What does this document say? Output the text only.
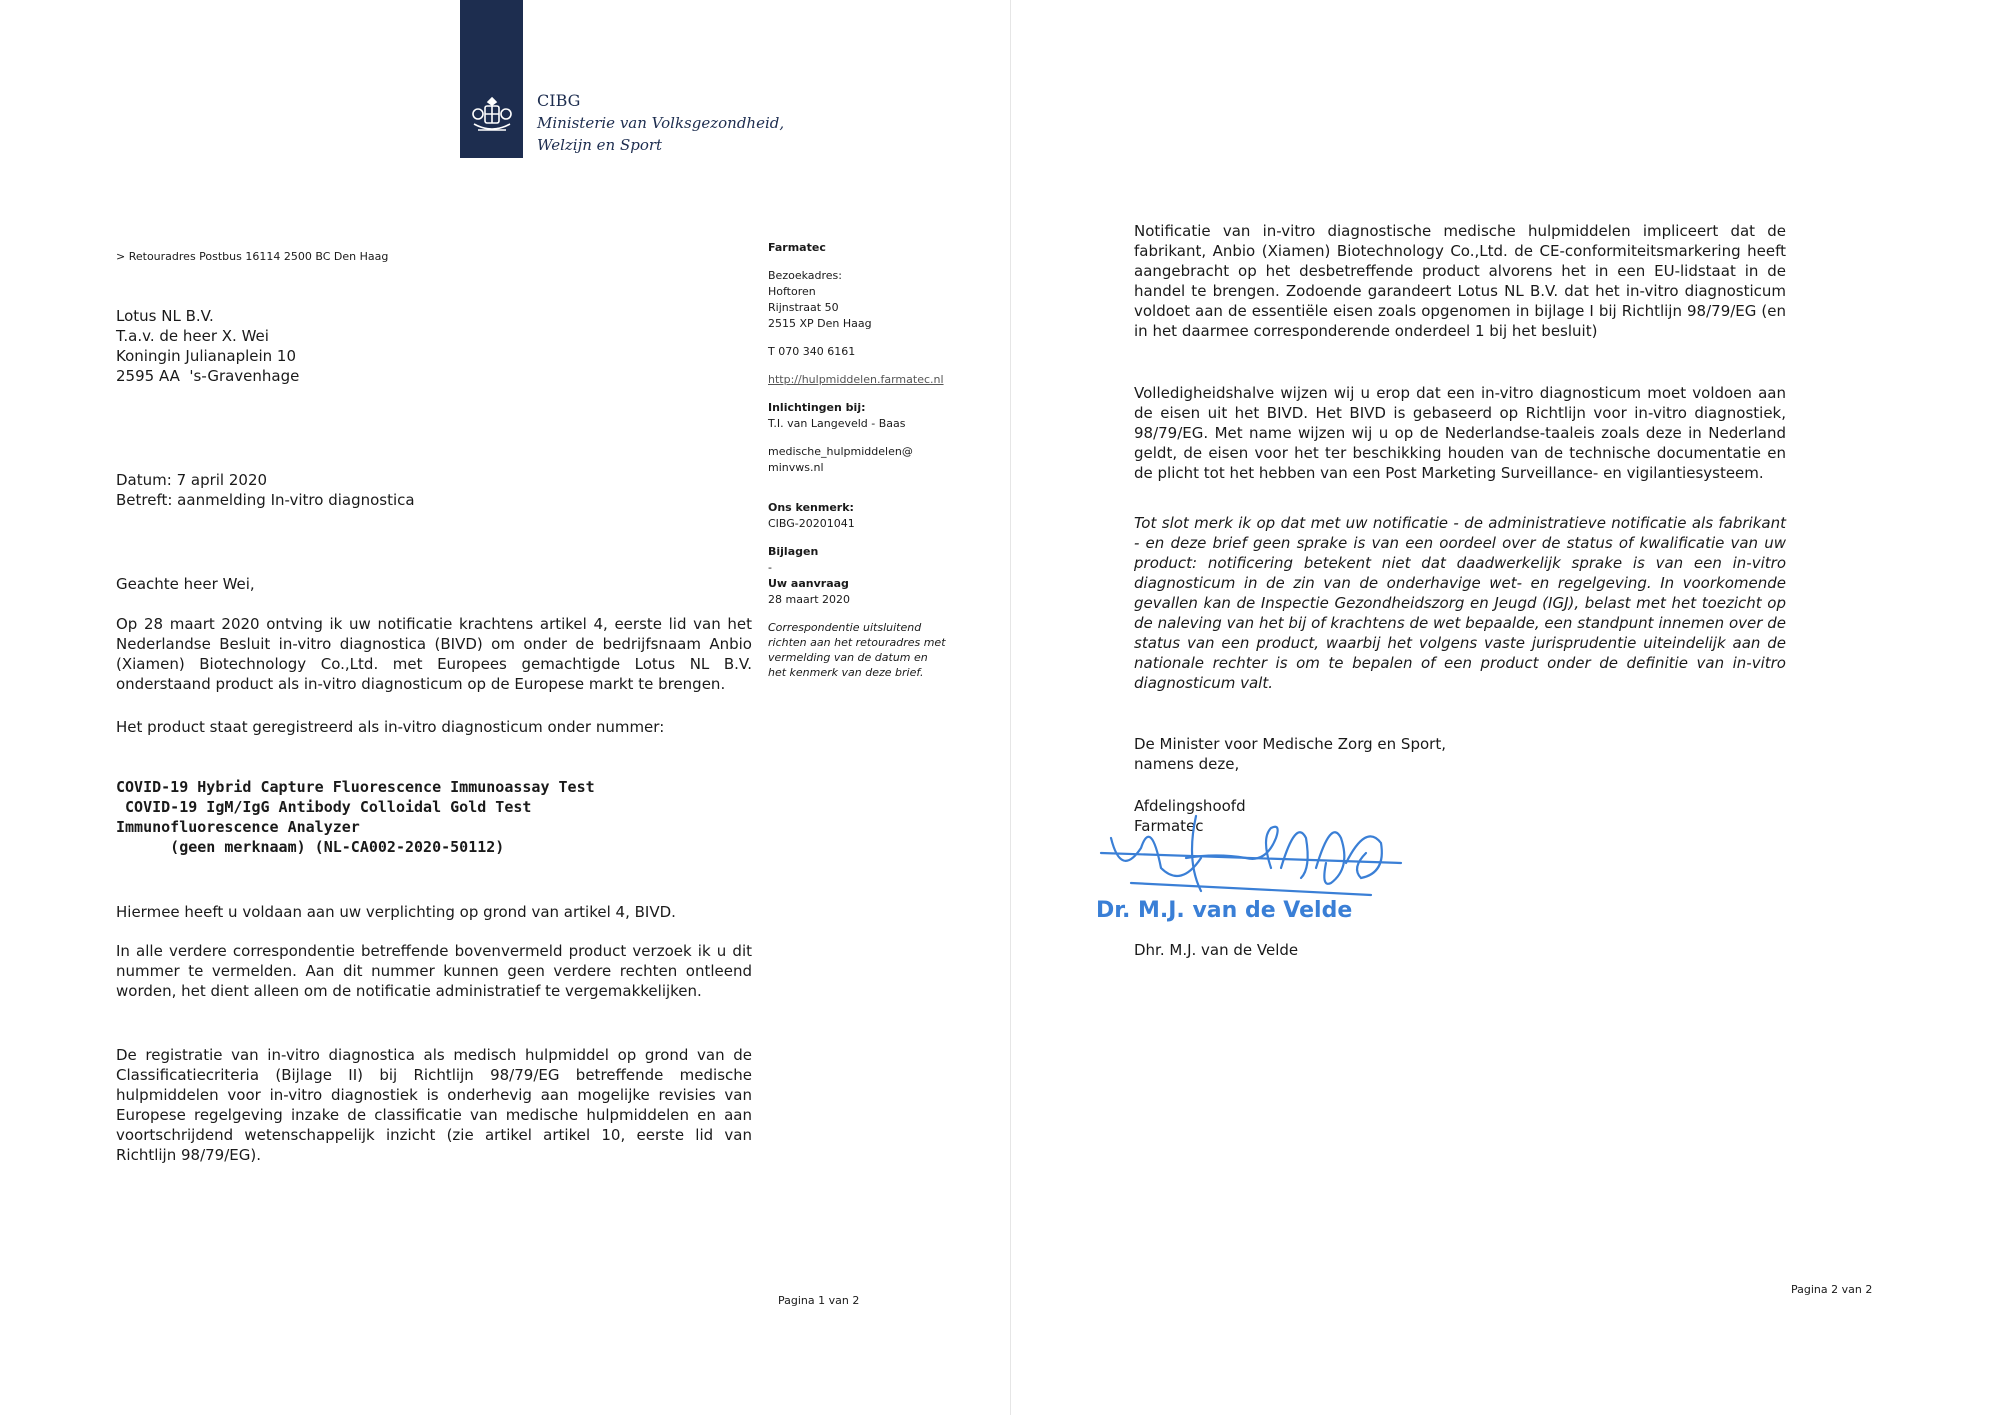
CIBG
Ministerie van Volksgezondheid,
Welzijn en Sport
> Retouradres Postbus 16114 2500 BC Den Haag
Lotus NL B.V.
T.a.v. de heer X. Wei
Koningin Julianaplein 10
2595 AA  's-Gravenhage
Datum: 7 april 2020
Betreft: aanmelding In-vitro diagnostica
Geachte heer Wei,
Op 28 maart 2020 ontving ik uw notificatie krachtens artikel 4, eerste lid van het Nederlandse Besluit in-vitro diagnostica (BIVD) om onder de bedrijfsnaam Anbio (Xiamen) Biotechnology Co.,Ltd. met Europees gemachtigde Lotus NL B.V. onderstaand product als in-vitro diagnosticum op de Europese markt te brengen.
Het product staat geregistreerd als in-vitro diagnosticum onder nummer:
COVID-19 Hybrid Capture Fluorescence Immunoassay Test
COVID-19 IgM/IgG Antibody Colloidal Gold Test
Immunofluorescence Analyzer
(geen merknaam) (NL-CA002-2020-50112)
Hiermee heeft u voldaan aan uw verplichting op grond van artikel 4, BIVD.
In alle verdere correspondentie betreffende bovenvermeld product verzoek ik u dit nummer te vermelden. Aan dit nummer kunnen geen verdere rechten ontleend worden, het dient alleen om de notificatie administratief te vergemakkelijken.
De registratie van in-vitro diagnostica als medisch hulpmiddel op grond van de Classificatiecriteria (Bijlage II) bij Richtlijn 98/79/EG betreffende medische hulpmiddelen voor in-vitro diagnostiek is onderhevig aan mogelijke revisies van Europese regelgeving inzake de classificatie van medische hulpmiddelen en aan voortschrijdend wetenschappelijk inzicht (zie artikel artikel 10, eerste lid van Richtlijn 98/79/EG).
Pagina 1 van 2
Farmatec
Bezoekadres:
Hoftoren
Rijnstraat 50
2515 XP Den Haag
T 070 340 6161
http://hulpmiddelen.farmatec.nl
Inlichtingen bij:
T.I. van Langeveld - Baas
medische_hulpmiddelen@
minvws.nl
Ons kenmerk:
CIBG-20201041
Bijlagen
-
Uw aanvraag
28 maart 2020
Correspondentie uitsluitend
richten aan het retouradres met
vermelding van de datum en
het kenmerk van deze brief.
Notificatie van in-vitro diagnostische medische hulpmiddelen impliceert dat de fabrikant, Anbio (Xiamen) Biotechnology Co.,Ltd. de CE-conformiteitsmarkering heeft aangebracht op het desbetreffende product alvorens het in een EU-lidstaat in de handel te brengen. Zodoende garandeert Lotus NL B.V. dat het in-vitro diagnosticum voldoet aan de essentiële eisen zoals opgenomen in bijlage I bij Richtlijn 98/79/EG (en in het daarmee corresponderende onderdeel 1 bij het besluit)
Volledigheidshalve wijzen wij u erop dat een in-vitro diagnosticum moet voldoen aan de eisen uit het BIVD. Het BIVD is gebaseerd op Richtlijn voor in-vitro diagnostiek, 98/79/EG. Met name wijzen wij u op de Nederlandse-taaleis zoals deze in Nederland geldt, de eisen voor het ter beschikking houden van de technische documentatie en de plicht tot het hebben van een Post Marketing Surveillance- en vigilantiesysteem.
Tot slot merk ik op dat met uw notificatie - de administratieve notificatie als fabrikant - en deze brief geen sprake is van een oordeel over de status of kwalificatie van uw product: notificering betekent niet dat daadwerkelijk sprake is van een in-vitro diagnosticum in de zin van de onderhavige wet- en regelgeving. In voorkomende gevallen kan de Inspectie Gezondheidszorg en Jeugd (IGJ), belast met het toezicht op de naleving van het bij of krachtens de wet bepaalde, een standpunt innemen over de status van een product, waarbij het volgens vaste jurisprudentie uiteindelijk aan de nationale rechter is om te bepalen of een product onder de definitie van in-vitro diagnosticum valt.
De Minister voor Medische Zorg en Sport,
namens deze,
Afdelingshoofd
Farmatec
Dr. M.J. van de Velde
Dhr. M.J. van de Velde
Pagina 2 van 2
